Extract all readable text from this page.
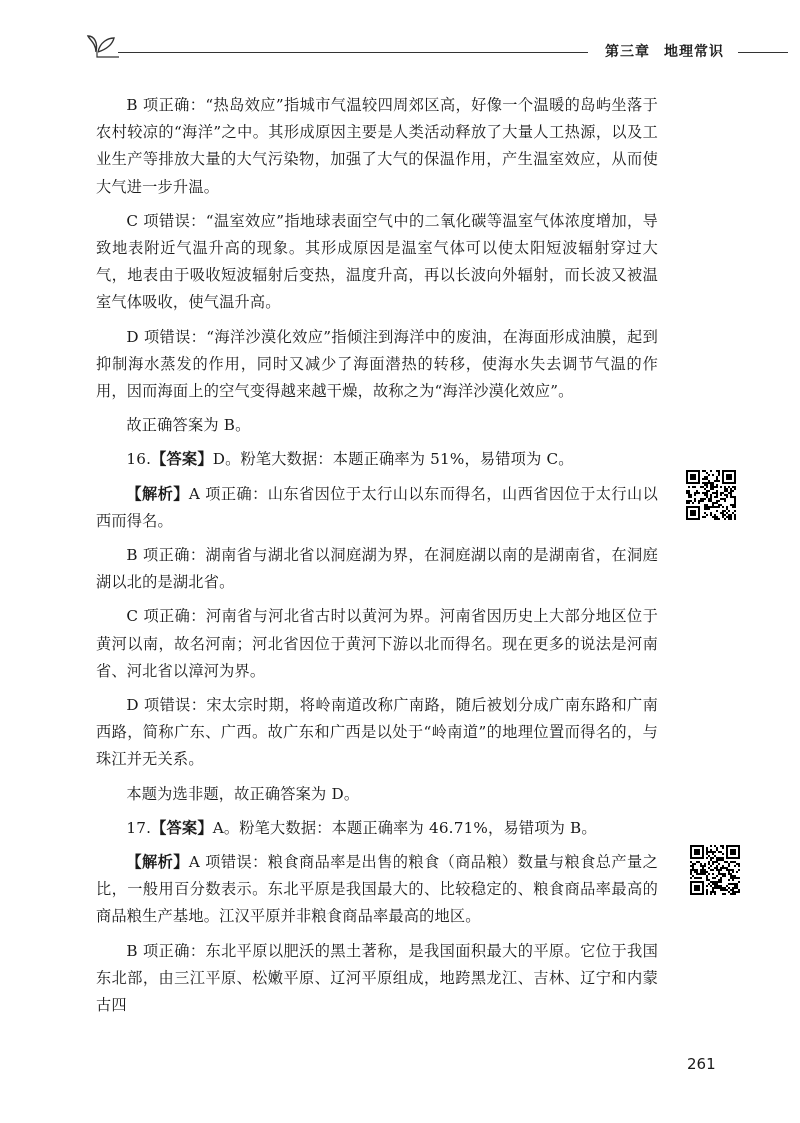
第三章 地理常识

B 项正确：“热岛效应”指城市气温较四周郊区高，好像一个温暖的岛屿坐落于农村较凉的“海洋”之中。其形成原因主要是人类活动释放了大量人工热源，以及工业生产等排放大量的大气污染物，加强了大气的保温作用，产生温室效应，从而使大气进一步升温。

C 项错误：“温室效应”指地球表面空气中的二氧化碳等温室气体浓度增加，导致地表附近气温升高的现象。其形成原因是温室气体可以使太阳短波辐射穿过大气，地表由于吸收短波辐射后变热，温度升高，再以长波向外辐射，而长波又被温室气体吸收，使气温升高。

D 项错误：“海洋沙漠化效应”指倾注到海洋中的废油，在海面形成油膜，起到抑制海水蒸发的作用，同时又减少了海面潜热的转移，使海水失去调节气温的作用，因而海面上的空气变得越来越干燥，故称之为“海洋沙漠化效应”。

故正确答案为 B。

16.【答案】D。粉笔大数据：本题正确率为 51%，易错项为 C。

【解析】A 项正确：山东省因位于太行山以东而得名，山西省因位于太行山以西而得名。

B 项正确：湖南省与湖北省以洞庭湖为界，在洞庭湖以南的是湖南省，在洞庭湖以北的是湖北省。

C 项正确：河南省与河北省古时以黄河为界。河南省因历史上大部分地区位于黄河以南，故名河南；河北省因位于黄河下游以北而得名。现在更多的说法是河南省、河北省以漳河为界。

D 项错误：宋太宗时期，将岭南道改称广南路，随后被划分成广南东路和广南西路，简称广东、广西。故广东和广西是以处于“岭南道”的地理位置而得名的，与珠江并无关系。

本题为选非题，故正确答案为 D。

17.【答案】A。粉笔大数据：本题正确率为 46.71%，易错项为 B。

【解析】A 项错误：粮食商品率是出售的粮食（商品粮）数量与粮食总产量之比，一般用百分数表示。东北平原是我国最大的、比较稳定的、粮食商品率最高的商品粮生产基地。江汉平原并非粮食商品率最高的地区。

B 项正确：东北平原以肥沃的黑土著称，是我国面积最大的平原。它位于我国东北部，由三江平原、松嫩平原、辽河平原组成，地跨黑龙江、吉林、辽宁和内蒙古四

261
